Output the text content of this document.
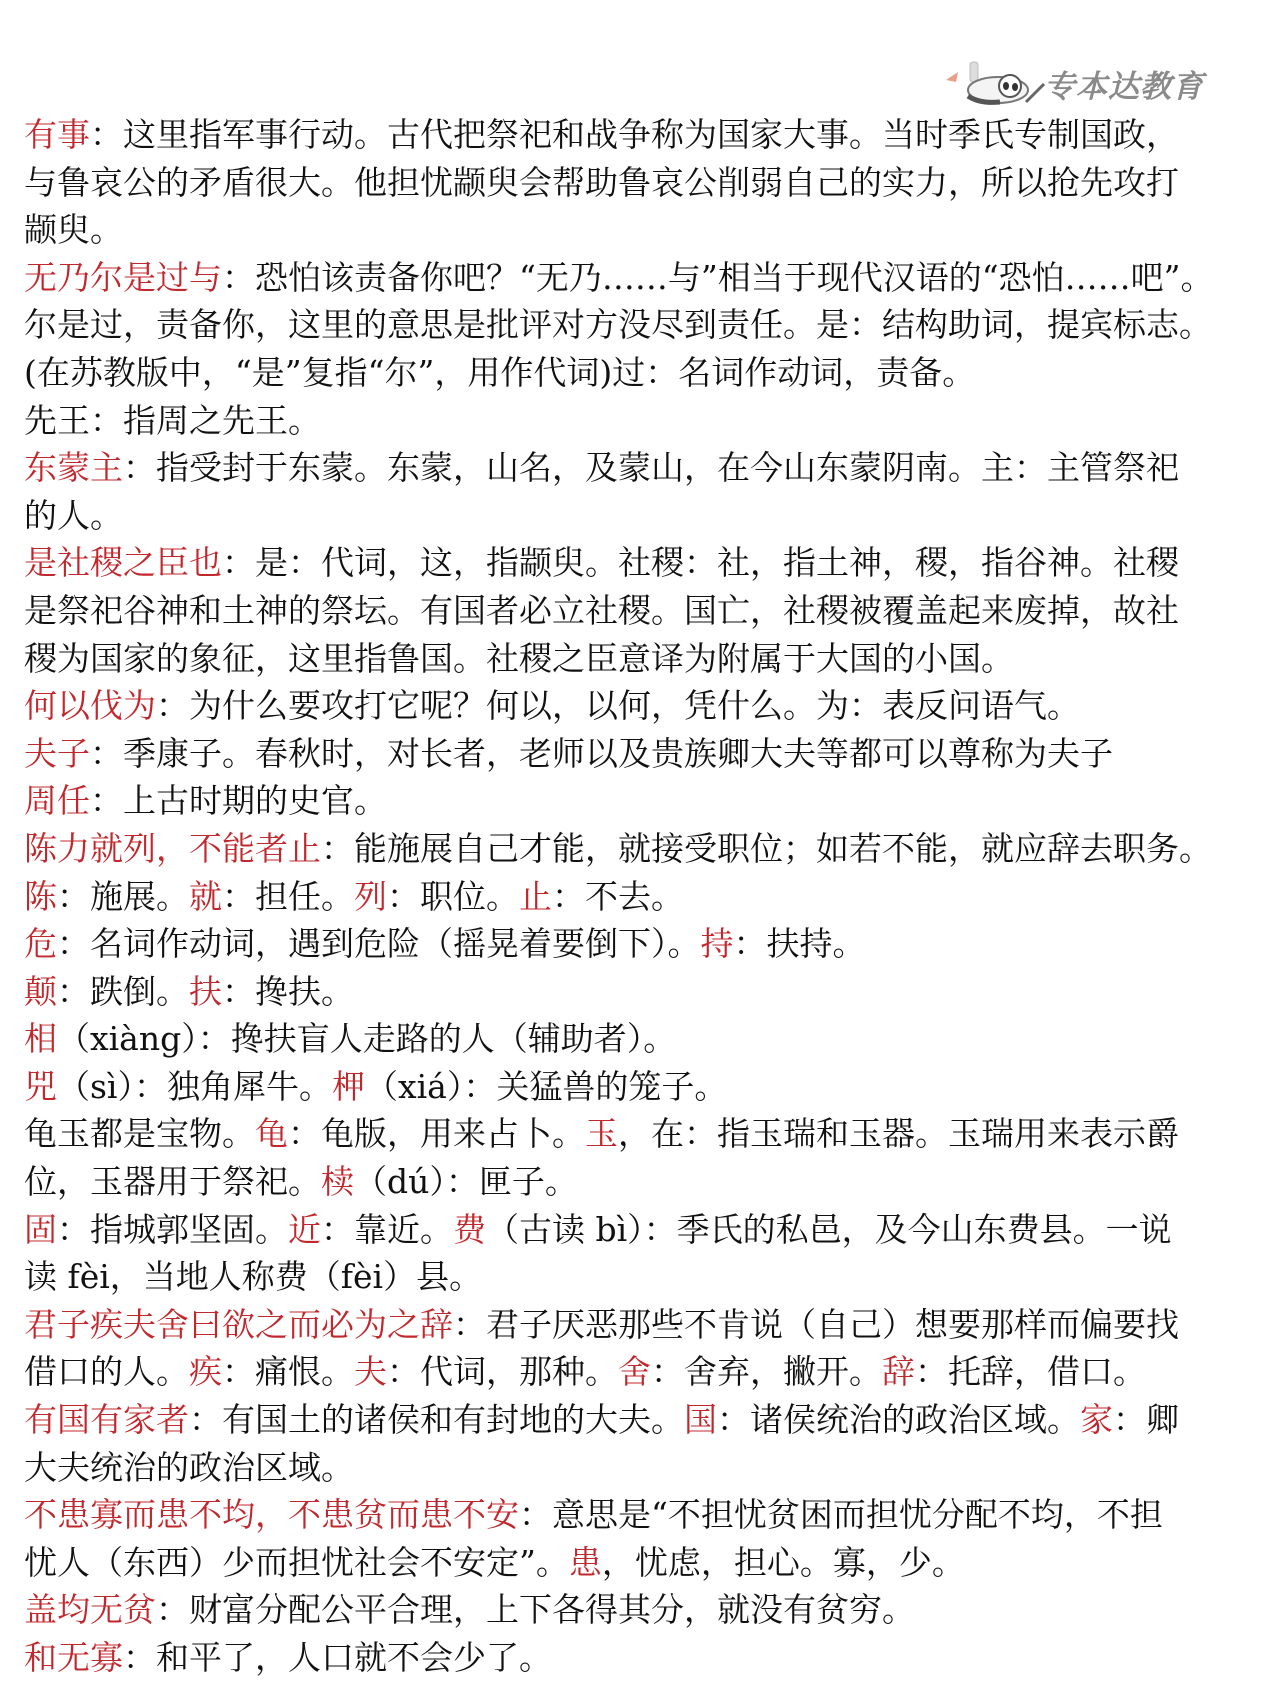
专本达教育
有事：这里指军事行动。古代把祭祀和战争称为国家大事。当时季氏专制国政，
与鲁哀公的矛盾很大。他担忧颛臾会帮助鲁哀公削弱自己的实力，所以抢先攻打
颛臾。
无乃尔是过与：恐怕该责备你吧？“无乃……与”相当于现代汉语的“恐怕……吧”。
尔是过，责备你，这里的意思是批评对方没尽到责任。是：结构助词，提宾标志。
(在苏教版中，“是”复指“尔”，用作代词)过：名词作动词，责备。
先王：指周之先王。
东蒙主：指受封于东蒙。东蒙，山名，及蒙山，在今山东蒙阴南。主：主管祭祀
的人。
是社稷之臣也：是：代词，这，指颛臾。社稷：社，指土神，稷，指谷神。社稷
是祭祀谷神和土神的祭坛。有国者必立社稷。国亡，社稷被覆盖起来废掉，故社
稷为国家的象征，这里指鲁国。社稷之臣意译为附属于大国的小国。
何以伐为：为什么要攻打它呢？何以，以何，凭什么。为：表反问语气。
夫子：季康子。春秋时，对长者，老师以及贵族卿大夫等都可以尊称为夫子
周任：上古时期的史官。
陈力就列，不能者止：能施展自己才能，就接受职位；如若不能，就应辞去职务。
陈：施展。就：担任。列：职位。止：不去。
危：名词作动词，遇到危险（摇晃着要倒下）。持：扶持。
颠：跌倒。扶：搀扶。
相（xiàng）：搀扶盲人走路的人（辅助者）。
兕（sì）：独角犀牛。柙（xiá）：关猛兽的笼子。
龟玉都是宝物。龟：龟版，用来占卜。玉，在：指玉瑞和玉器。玉瑞用来表示爵
位，玉器用于祭祀。椟（dú）：匣子。
固：指城郭坚固。近：靠近。费（古读 bì）：季氏的私邑，及今山东费县。一说
读 fèi，当地人称费（fèi）县。
君子疾夫舍曰欲之而必为之辞：君子厌恶那些不肯说（自己）想要那样而偏要找
借口的人。疾：痛恨。夫：代词，那种。舍：舍弃，撇开。辞：托辞，借口。
有国有家者：有国土的诸侯和有封地的大夫。国：诸侯统治的政治区域。家：卿
大夫统治的政治区域。
不患寡而患不均，不患贫而患不安：意思是“不担忧贫困而担忧分配不均，不担
忧人（东西）少而担忧社会不安定”。患，忧虑，担心。寡，少。
盖均无贫：财富分配公平合理，上下各得其分，就没有贫穷。
和无寡：和平了，人口就不会少了。
